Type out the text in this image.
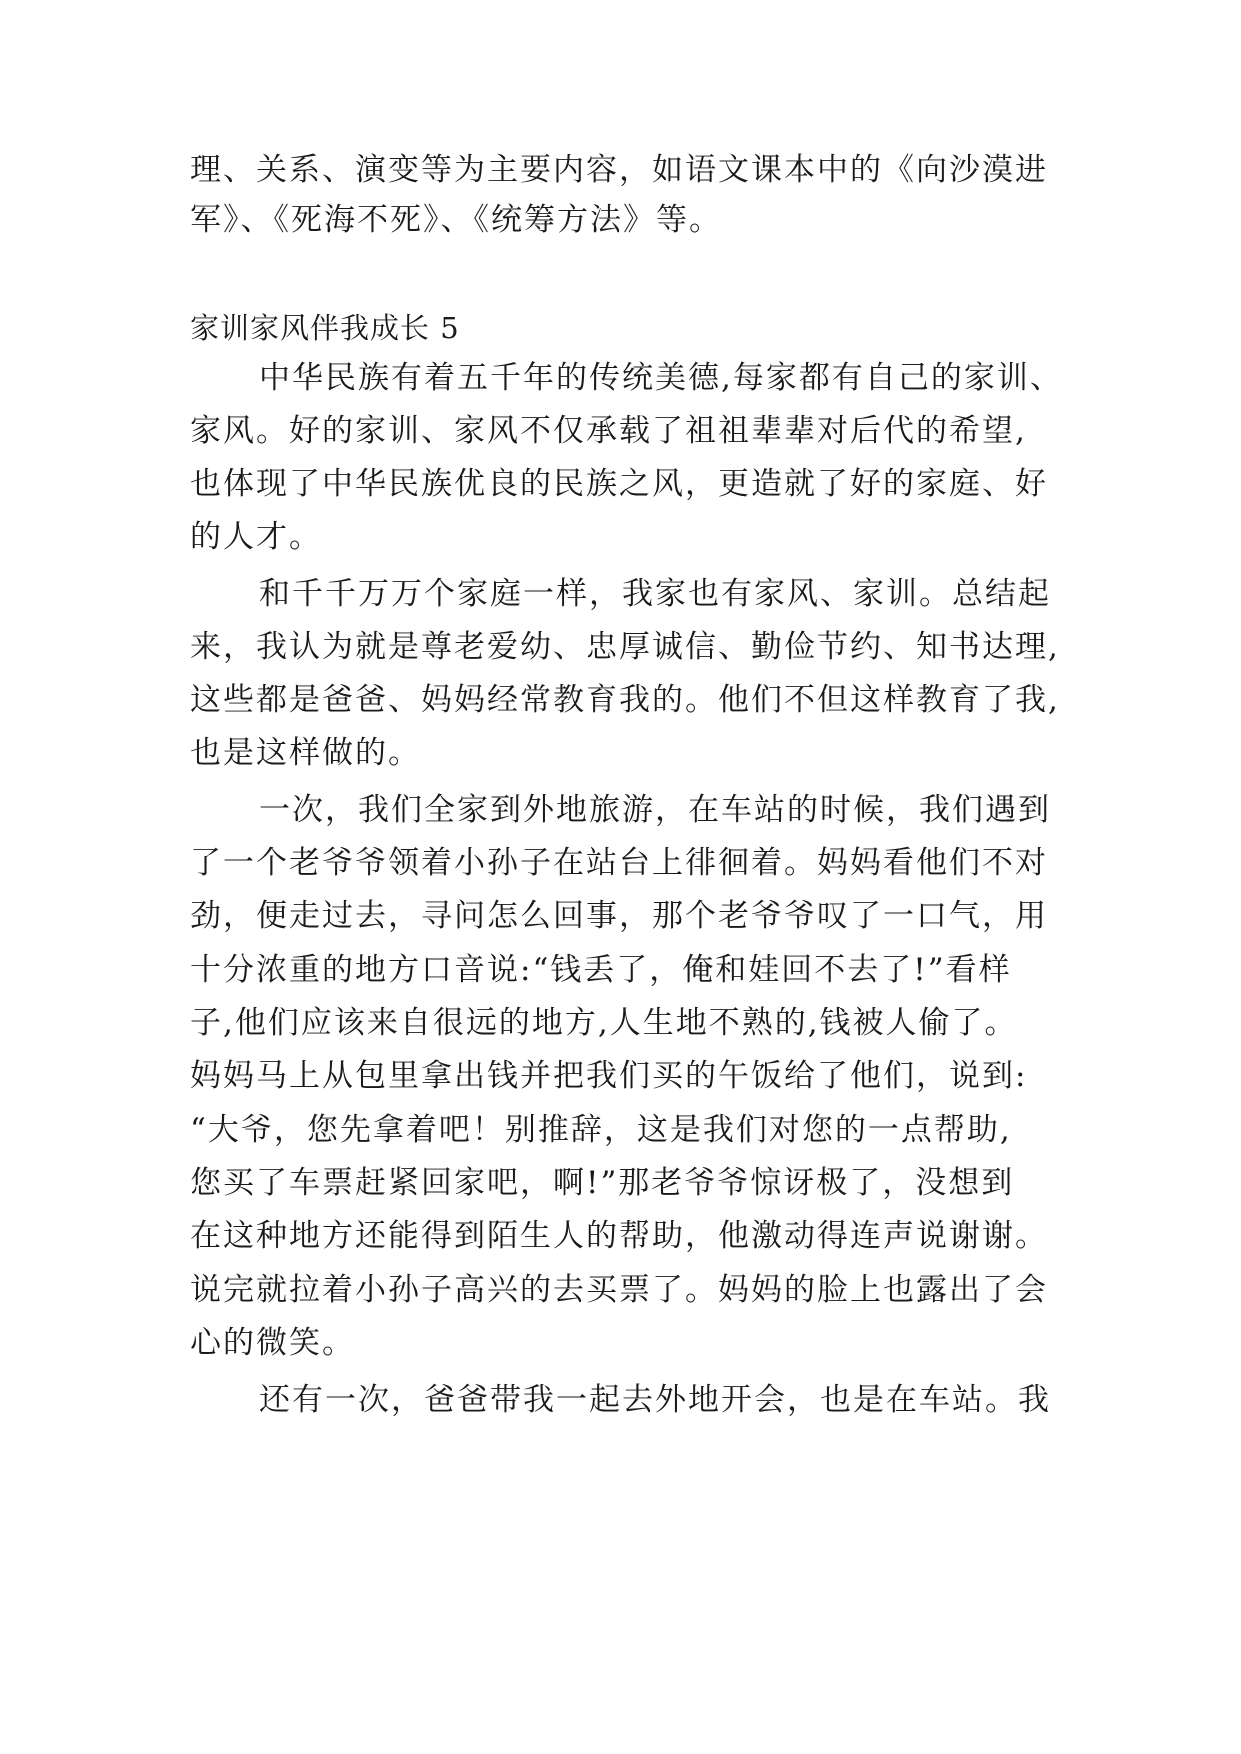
理、关系、演变等为主要内容，如语文课本中的《向沙漠进
军》、《死海不死》、《统筹方法》等。
家训家风伴我成长 5
中华民族有着五千年的传统美德,每家都有自己的家训、
家风。好的家训、家风不仅承载了祖祖辈辈对后代的希望,
也体现了中华民族优良的民族之风，更造就了好的家庭、好
的人才。
和千千万万个家庭一样，我家也有家风、家训。总结起
来，我认为就是尊老爱幼、忠厚诚信、勤俭节约、知书达理,
这些都是爸爸、妈妈经常教育我的。他们不但这样教育了我,
也是这样做的。
一次，我们全家到外地旅游，在车站的时候，我们遇到
了一个老爷爷领着小孙子在站台上徘徊着。妈妈看他们不对
劲，便走过去，寻问怎么回事，那个老爷爷叹了一口气，用
十分浓重的地方口音说:“钱丢了，俺和娃回不去了!”看样
子,他们应该来自很远的地方,人生地不熟的,钱被人偷了。
妈妈马上从包里拿出钱并把我们买的午饭给了他们，说到:
“大爷，您先拿着吧！别推辞，这是我们对您的一点帮助,
您买了车票赶紧回家吧，啊!”那老爷爷惊讶极了，没想到
在这种地方还能得到陌生人的帮助，他激动得连声说谢谢。
说完就拉着小孙子高兴的去买票了。妈妈的脸上也露出了会
心的微笑。
还有一次，爸爸带我一起去外地开会，也是在车站。我
